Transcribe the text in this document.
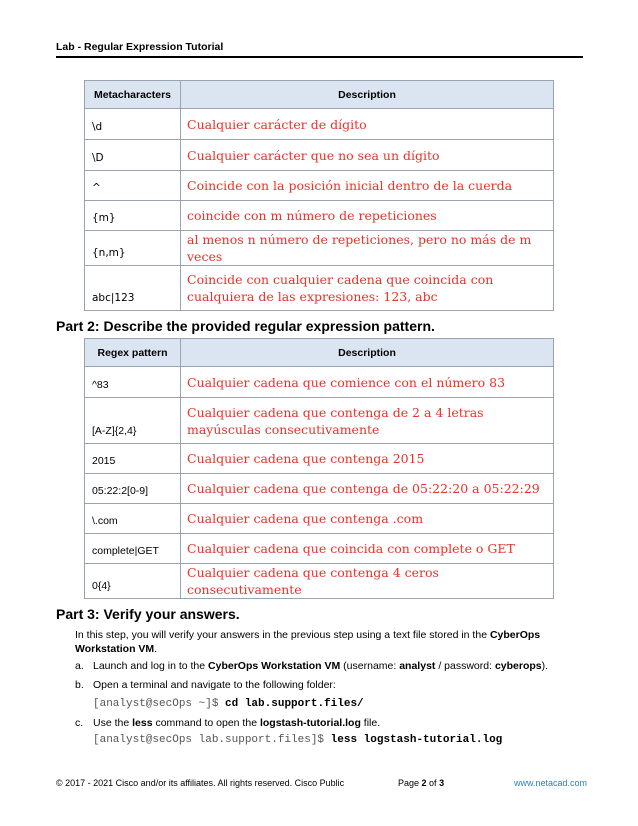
Lab - Regular Expression Tutorial
Metacharacters	Description
\d	Cualquier carácter de dígito
\D	Cualquier carácter que no sea un dígito
^	Coincide con la posición inicial dentro de la cuerda
{m}	coincide con m número de repeticiones
{n,m}	al menos n número de repeticiones, pero no más de m veces
abc|123	Coincide con cualquier cadena que coincida con cualquiera de las expresiones: 123, abc
Part 2: Describe the provided regular expression pattern.
Regex pattern	Description
^83	Cualquier cadena que comience con el número 83
[A-Z]{2,4}	Cualquier cadena que contenga de 2 a 4 letras mayúsculas consecutivamente
2015	Cualquier cadena que contenga 2015
05:22:2[0-9]	Cualquier cadena que contenga de 05:22:20 a 05:22:29
\.com	Cualquier cadena que contenga .com
complete|GET	Cualquier cadena que coincida con complete o GET
0{4}	Cualquier cadena que contenga 4 ceros consecutivamente
Part 3: Verify your answers.
In this step, you will verify your answers in the previous step using a text file stored in the CyberOps Workstation VM.
a. Launch and log in to the CyberOps Workstation VM (username: analyst / password: cyberops).
b. Open a terminal and navigate to the following folder:
[analyst@secOps ~]$ cd lab.support.files/
c. Use the less command to open the logstash-tutorial.log file.
[analyst@secOps lab.support.files]$ less logstash-tutorial.log
© 2017 - 2021 Cisco and/or its affiliates. All rights reserved. Cisco Public	Page 2 of 3	www.netacad.com
